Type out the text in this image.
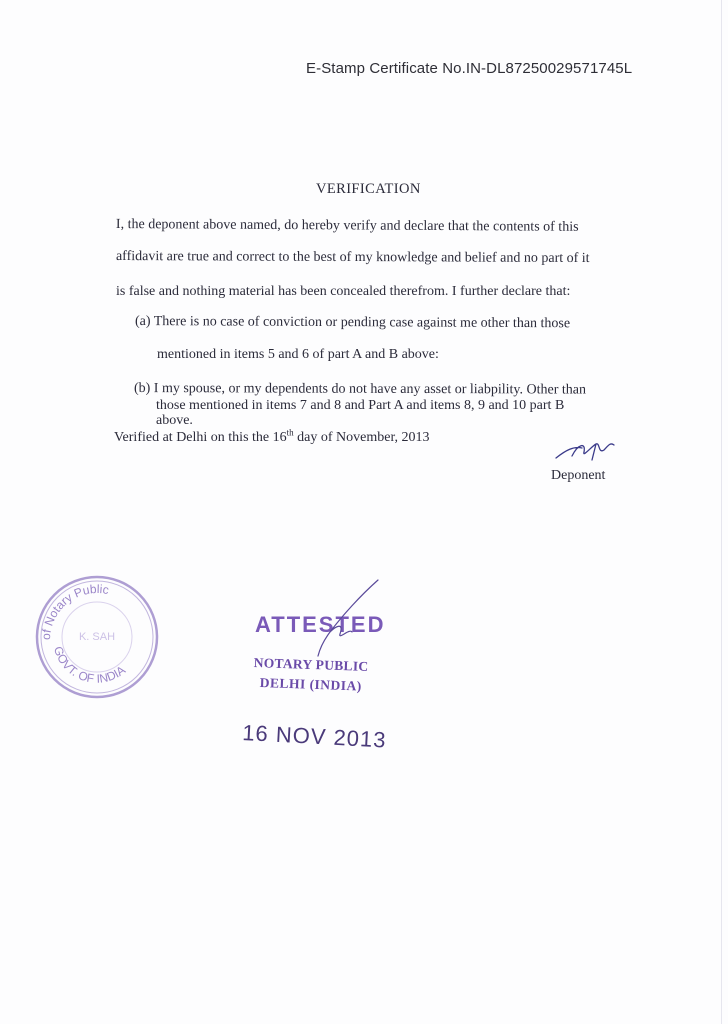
E-Stamp Certificate No.IN-DL87250029571745L
VERIFICATION
I, the deponent above named, do hereby verify and declare that the contents of this
affidavit are true and correct to the best of my knowledge and belief and no part of it
is false and nothing material has been concealed therefrom. I further declare that:
(a) There is no case of conviction or pending case against me other than those
mentioned in items 5 and 6 of part A and B above:
(b) I my spouse, or my dependents do not have any asset or liabpility. Other than
those mentioned in items 7 and 8 and Part A and items 8, 9 and 10 part B
above.
Verified at Delhi on this the 16th day of November, 2013
Deponent
of Notary Public
GOVT. OF INDIA
K. SAH	ATTESTED
NOTARY PUBLIC
DELHI (INDIA)
16 NOV 2013
